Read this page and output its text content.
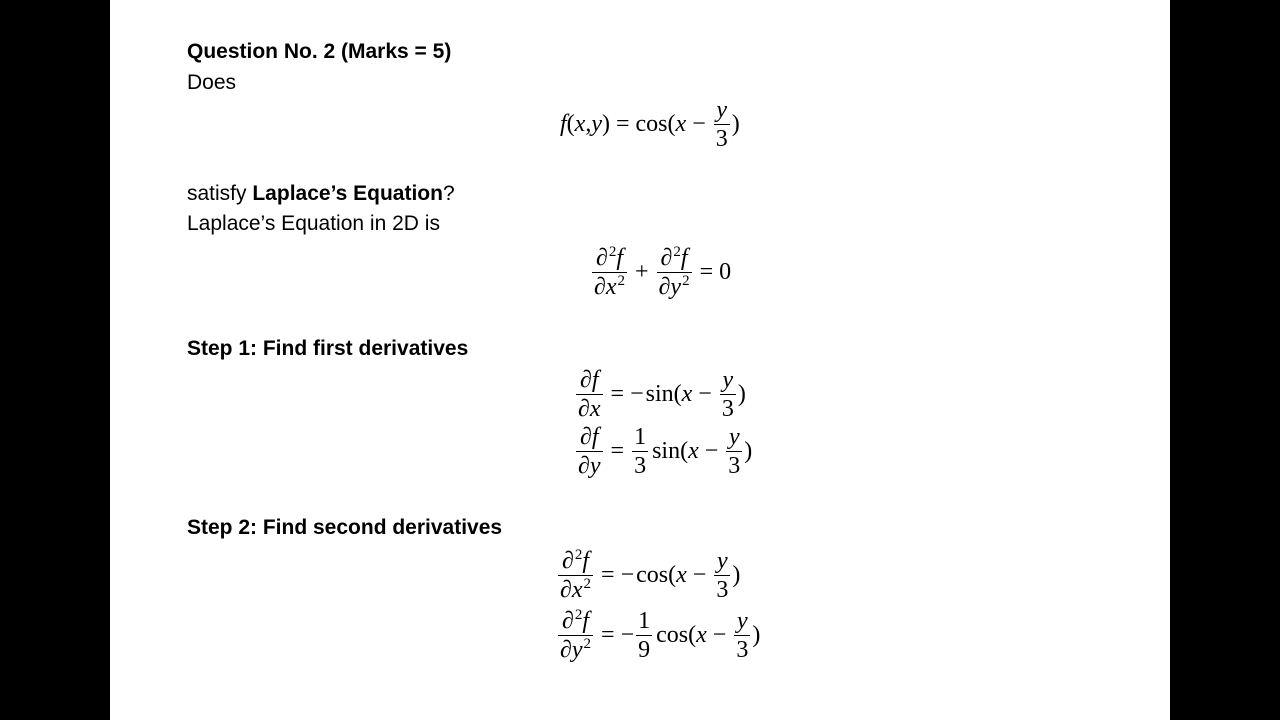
Question No. 2 (Marks = 5)
Does
f ( x , y ) = cos ( $x - \frac{y}{3}$ )
satisfy Laplace’s Equation?
Laplace’s Equation in 2D is
$\frac{\partial^2f}{\partial x^2} + \frac{\partial^2f}{\partial y^2} = 0$
Step 1: Find first derivatives
$\frac{\partial f}{\partial x}$ = − sin ( $x - \frac{y}{3}$ )
$\frac{\partial f}{\partial y} = \frac{1}{3}$ sin ( $x - \frac{y}{3}$ )
Step 2: Find second derivatives
$\frac{\partial^2f}{\partial x^2}$ = − cos ( $x - \frac{y}{3}$ )
$\frac{\partial^2f}{\partial y^2}$ = − $\frac{1}{9}$ cos ( $x - \frac{y}{3}$ )
